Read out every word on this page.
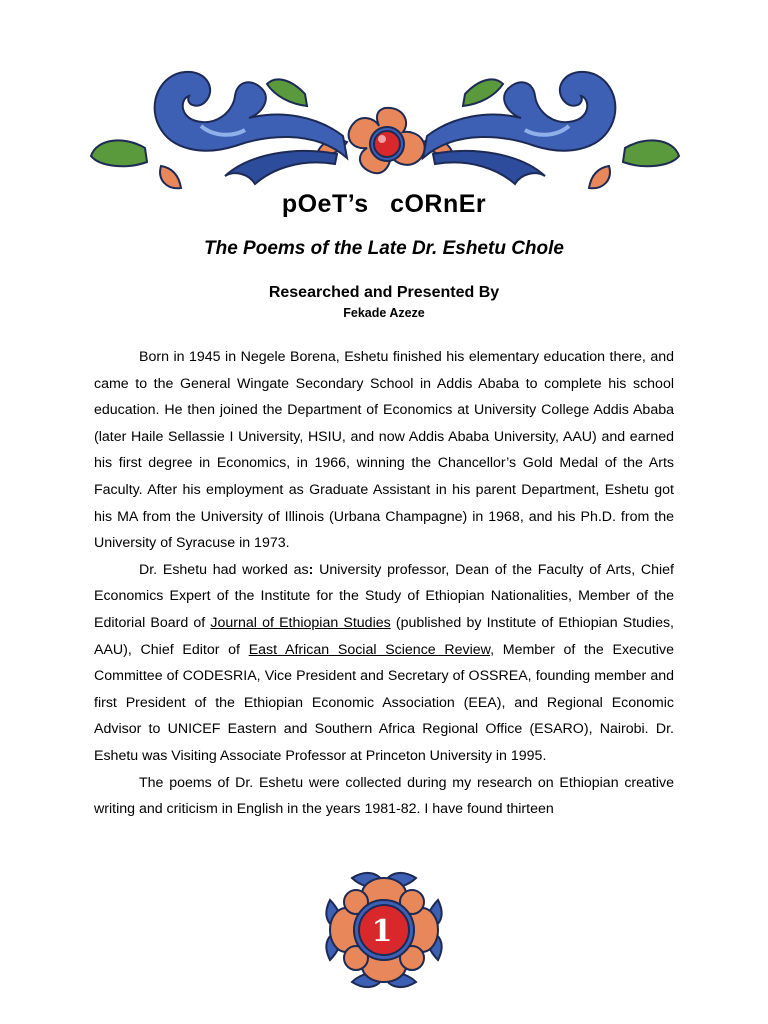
pOeT’s cORnEr
The Poems of the Late Dr. Eshetu Chole
Researched and Presented By
Fekade Azeze

Born in 1945 in Negele Borena, Eshetu finished his elementary education there, and came to the General Wingate Secondary School in Addis Ababa to complete his school education. He then joined the Department of Economics at University College Addis Ababa (later Haile Sellassie I University, HSIU, and now Addis Ababa University, AAU) and earned his first degree in Economics, in 1966, winning the Chancellor’s Gold Medal of the Arts Faculty. After his employment as Graduate Assistant in his parent Department, Eshetu got his MA from the University of Illinois (Urbana Champagne) in 1968, and his Ph.D. from the University of Syracuse in 1973.

Dr. Eshetu had worked as: University professor, Dean of the Faculty of Arts, Chief Economics Expert of the Institute for the Study of Ethiopian Nationalities, Member of the Editorial Board of Journal of Ethiopian Studies (published by Institute of Ethiopian Studies, AAU), Chief Editor of East African Social Science Review, Member of the Executive Committee of CODESRIA, Vice President and Secretary of OSSREA, founding member and first President of the Ethiopian Economic Association (EEA), and Regional Economic Advisor to UNICEF Eastern and Southern Africa Regional Office (ESARO), Nairobi. Dr. Eshetu was Visiting Associate Professor at Princeton University in 1995.

The poems of Dr. Eshetu were collected during my research on Ethiopian creative writing and criticism in English in the years 1981-82. I have found thirteen

1
